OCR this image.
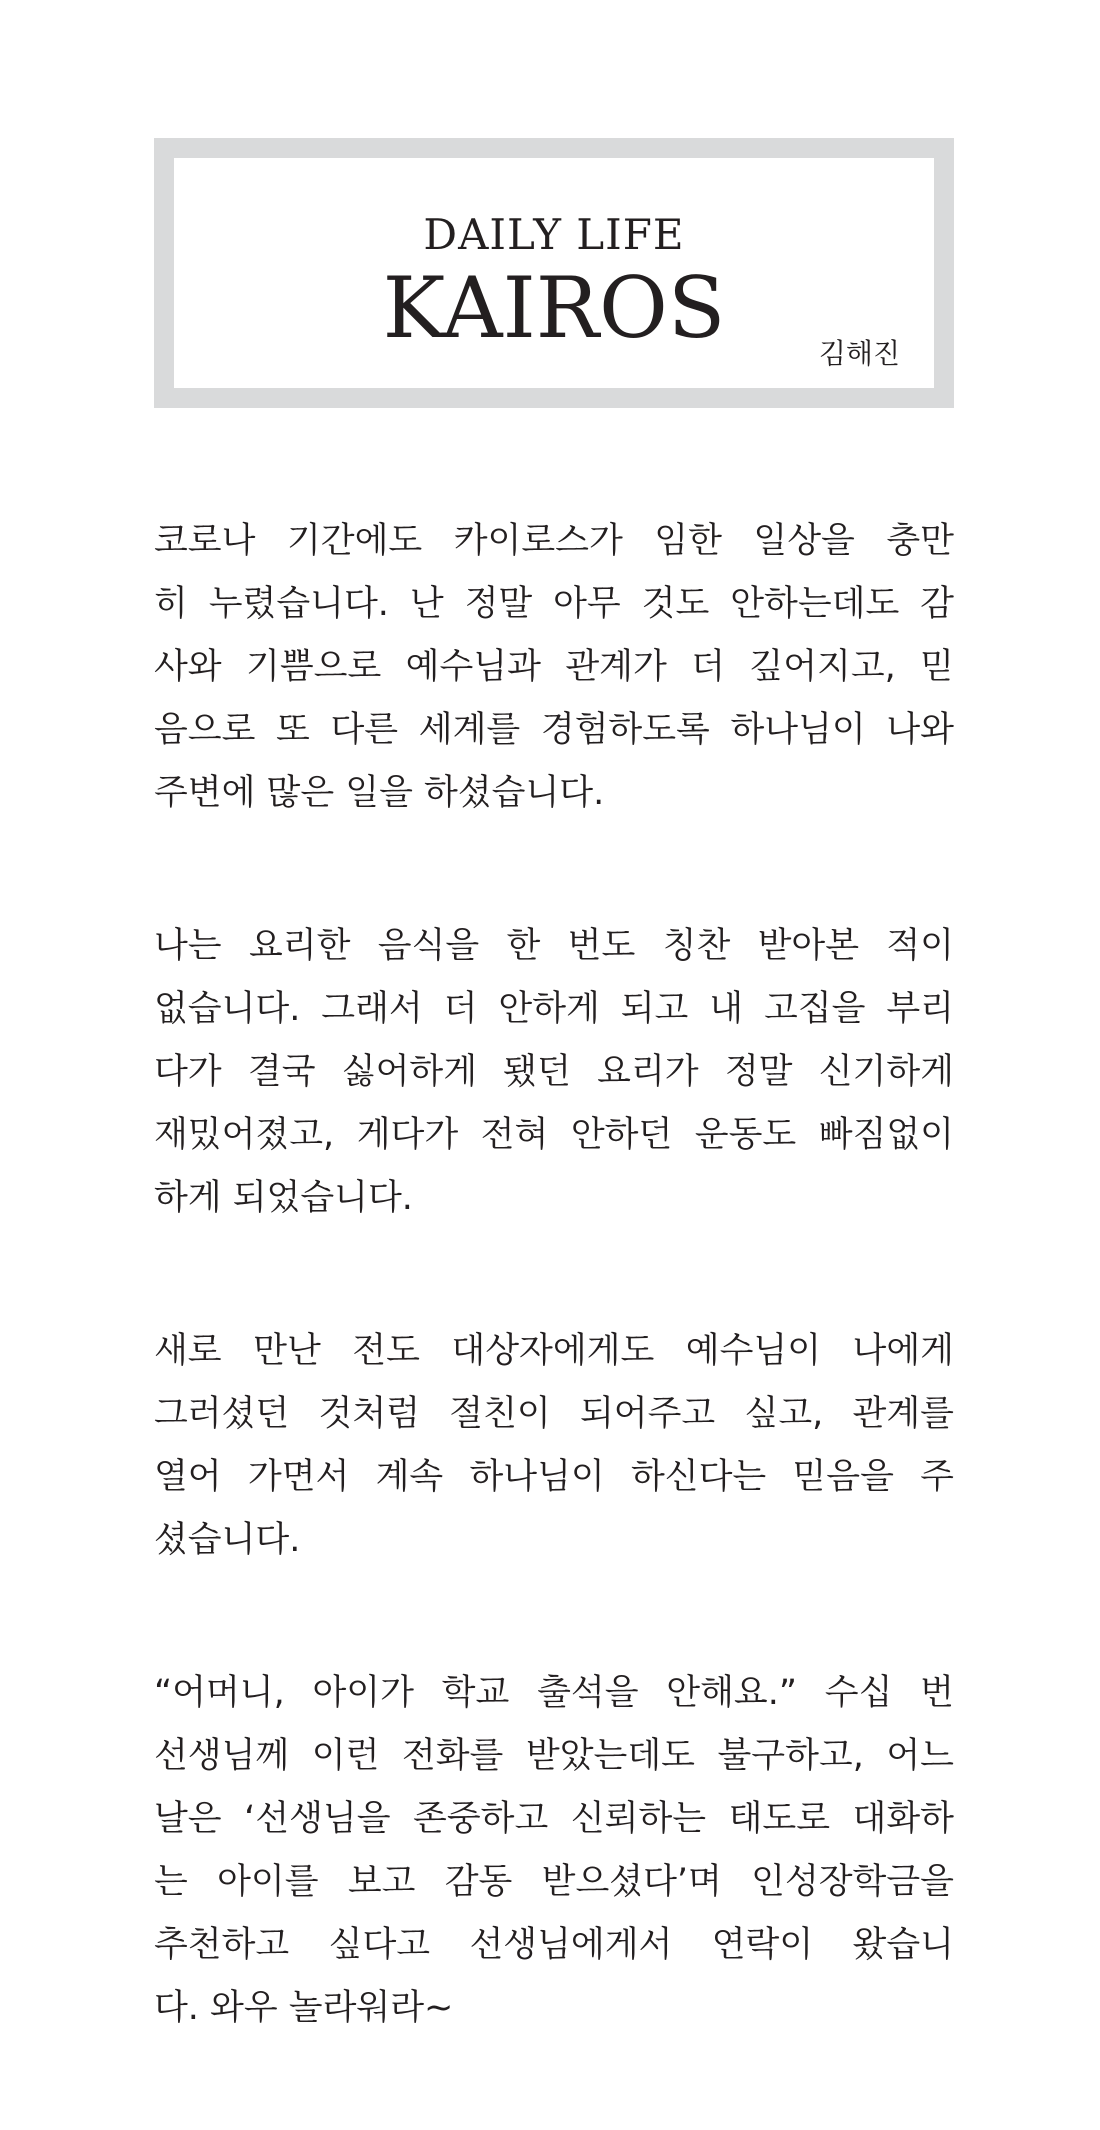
DAILY LIFE
KAIROS	김해진
코로나 기간에도 카이로스가 임한 일상을 충만
히 누렸습니다. 난 정말 아무 것도 안하는데도 감
사와 기쁨으로 예수님과 관계가 더 깊어지고, 믿
음으로 또 다른 세계를 경험하도록 하나님이 나와
주변에 많은 일을 하셨습니다.
나는 요리한 음식을 한 번도 칭찬 받아본 적이
없습니다. 그래서 더 안하게 되고 내 고집을 부리
다가 결국 싫어하게 됐던 요리가 정말 신기하게
재밌어졌고, 게다가 전혀 안하던 운동도 빠짐없이
하게 되었습니다.
새로 만난 전도 대상자에게도 예수님이 나에게
그러셨던 것처럼 절친이 되어주고 싶고, 관계를
열어 가면서 계속 하나님이 하신다는 믿음을 주
셨습니다.
“어머니, 아이가 학교 출석을 안해요.” 수십 번
선생님께 이런 전화를 받았는데도 불구하고, 어느
날은 ‘선생님을 존중하고 신뢰하는 태도로 대화하
는 아이를 보고 감동 받으셨다’며 인성장학금을
추천하고 싶다고 선생님에게서 연락이 왔습니
다. 와우 놀라워라~
